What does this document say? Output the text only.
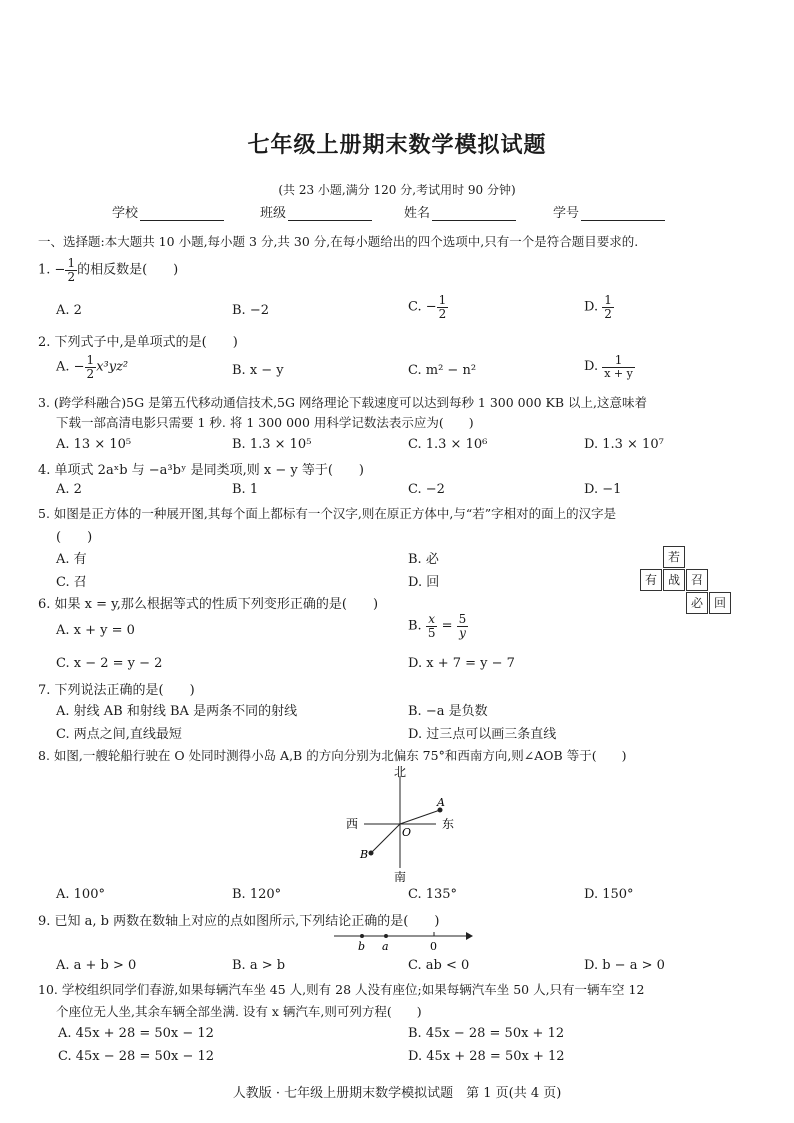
七年级上册期末数学模拟试题
(共 23 小题,满分 120 分,考试用时 90 分钟)
学校	班级	姓名	学号
一、选择题:本大题共 10 小题,每小题 3 分,共 30 分,在每小题给出的四个选项中,只有一个是符合题目要求的.
1. − $\frac{1}{2}$ 的相反数是(　　)
A. 2	B. −2	C. − $\frac{1}{2}$	D. $\frac{1}{2}$
2. 下列式子中,是单项式的是(　　)
A. − $\frac{1}{2} x^3yz^2$	B. x − y	C. m² − n²	D. $\frac{1}{x + y}$
3. (跨学科融合)5G 是第五代移动通信技术,5G 网络理论下载速度可以达到每秒 1 300 000 KB 以上,这意味着
下载一部高清电影只需要 1 秒. 将 1 300 000 用科学记数法表示应为(　　)
A. 13 × 10⁵	B. 1.3 × 10⁵	C. 1.3 × 10⁶	D. 1.3 × 10⁷
4. 单项式 2aˣb 与 −a³bʸ 是同类项,则 x − y 等于(　　)
A. 2	B. 1	C. −2	D. −1
5. 如图是正方体的一种展开图,其每个面上都标有一个汉字,则在原正方体中,与“若”字相对的面上的汉字是
(　　)
A. 有	B. 必
C. 召	D. 回
若
有 战 召
必 回
6. 如果 x = y,那么根据等式的性质下列变形正确的是(　　)
A. x + y = 0	B. $\frac{x}{5} = \frac{5}{y}$
C. x − 2 = y − 2	D. x + 7 = y − 7
7. 下列说法正确的是(　　)
A. 射线 AB 和射线 BA 是两条不同的射线	B. −a 是负数
C. 两点之间,直线最短	D. 过三点可以画三条直线
8. 如图,一艘轮船行驶在 O 处同时测得小岛 A,B 的方向分别为北偏东 75°和西南方向,则∠AOB 等于(　　)
北
南
西	东
O
A
B
A. 100°	B. 120°	C. 135°	D. 150°
9. 已知 a, b 两数在数轴上对应的点如图所示,下列结论正确的是(　　)
b a	0
A. a + b > 0	B. a > b	C. ab < 0	D. b − a > 0
10. 学校组织同学们春游,如果每辆汽车坐 45 人,则有 28 人没有座位;如果每辆汽车坐 50 人,只有一辆车空 12
个座位无人坐,其余车辆全部坐满. 设有 x 辆汽车,则可列方程(　　)
A. 45x + 28 = 50x − 12	B. 45x − 28 = 50x + 12
C. 45x − 28 = 50x − 12	D. 45x + 28 = 50x + 12
人教版 · 七年级上册期末数学模拟试题　第 1 页(共 4 页)
